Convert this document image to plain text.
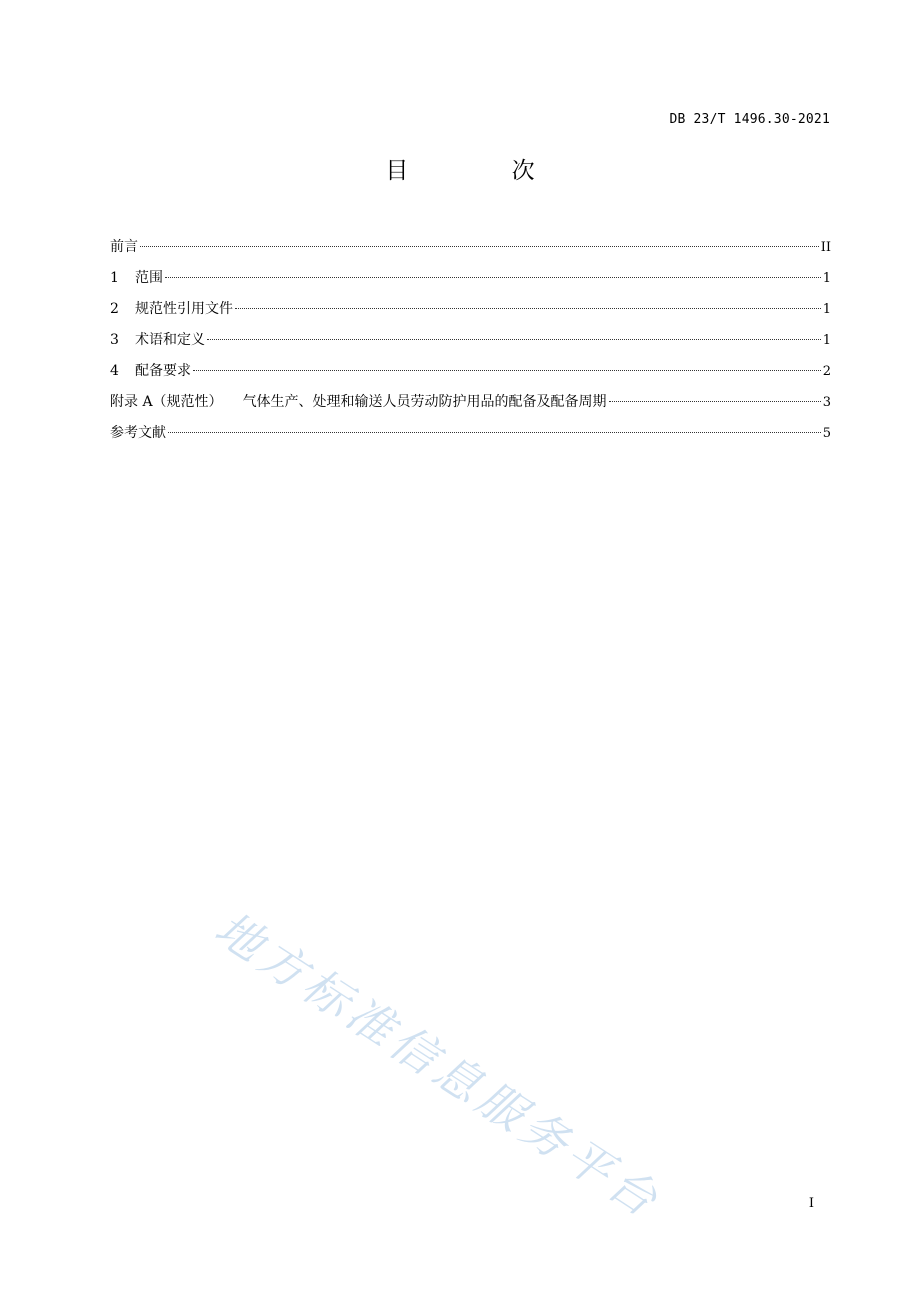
DB 23/T 1496.30-2021
目 次
前言	II
1	范围	1
2	规范性引用文件	1
3	术语和定义	1
4	配备要求	2
附录 A（规范性） 气体生产、处理和输送人员劳动防护用品的配备及配备周期	3
参考文献	5
地方标准信息服务平台	I
